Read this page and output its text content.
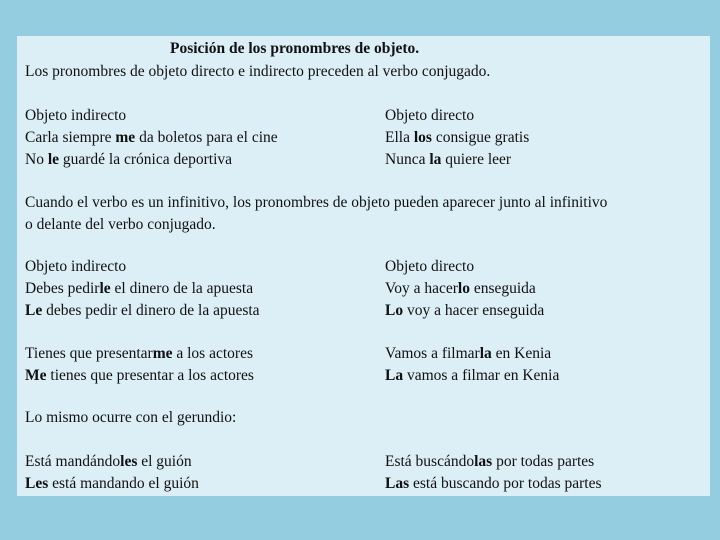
Posición de los pronombres de objeto.
Los pronombres de objeto directo e indirecto preceden al verbo conjugado.
Objeto indirecto
Carla siempre me da boletos para el cine
No le guardé la crónica deportiva
Objeto directo
Ella los consigue gratis
Nunca la quiere leer
Cuando el verbo es un infinitivo, los pronombres de objeto pueden aparecer junto al infinitivo
o delante del verbo conjugado.
Objeto indirecto
Debes pedirle el dinero de la apuesta
Le debes pedir el dinero de la apuesta
Tienes que presentarme a los actores
Me tienes que presentar a los actores
Objeto directo
Voy a hacerlo enseguida
Lo voy a hacer enseguida
Vamos a filmarla en Kenia
La vamos a filmar en Kenia
Lo mismo ocurre con el gerundio:
Está mandándoles el guión
Les está mandando el guión
Está buscándolas por todas partes
Las está buscando por todas partes
